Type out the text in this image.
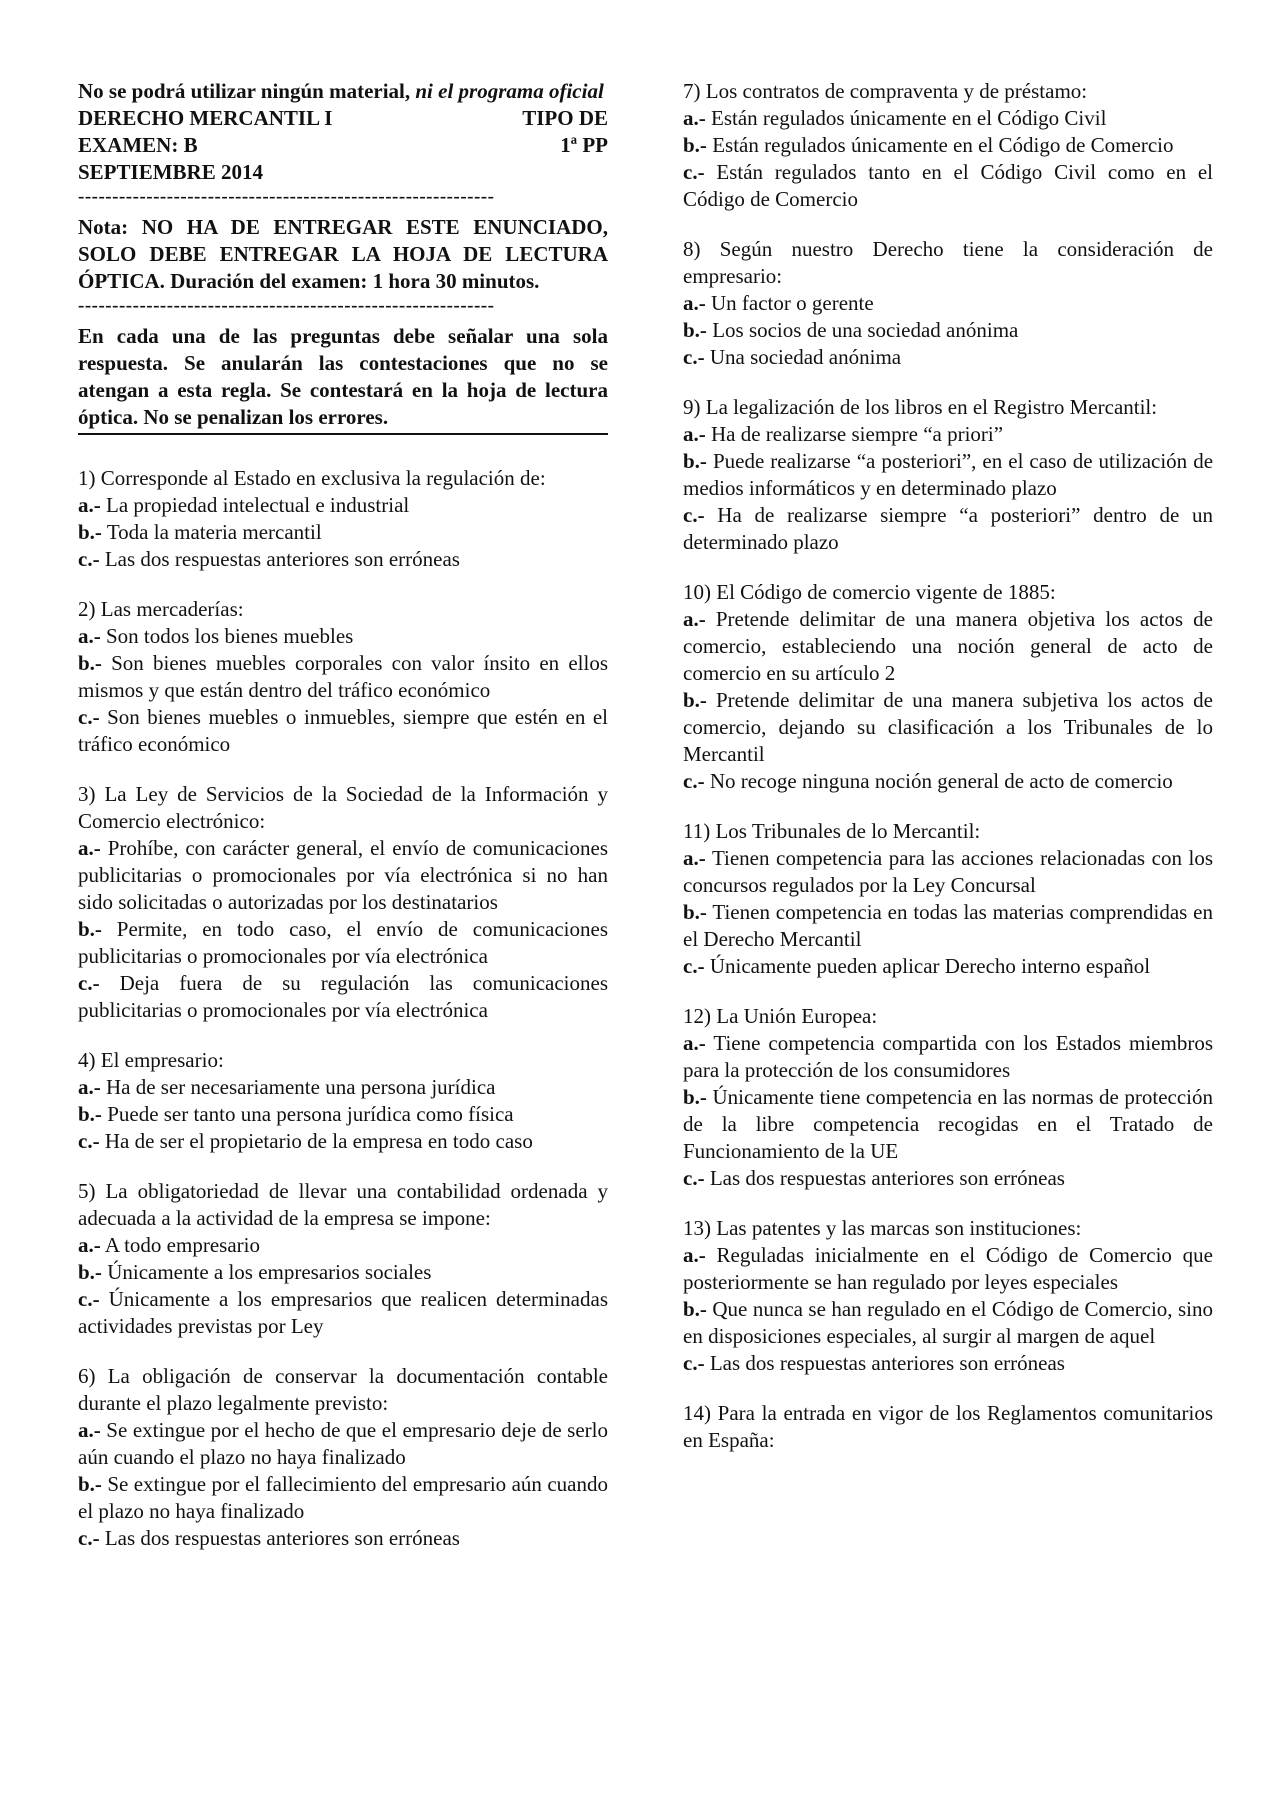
No se podrá utilizar ningún material, ni el programa oficial
DERECHO MERCANTIL I	TIPO DE
EXAMEN: B	1ª PP
SEPTIEMBRE 2014
-------------------------------------------------------------
Nota: NO HA DE ENTREGAR ESTE ENUNCIADO, SOLO DEBE ENTREGAR LA HOJA DE LECTURA ÓPTICA. Duración del examen: 1 hora 30 minutos.
-------------------------------------------------------------
En cada una de las preguntas debe señalar una sola respuesta. Se anularán las contestaciones que no se atengan a esta regla. Se contestará en la hoja de lectura óptica. No se penalizan los errores.

1) Corresponde al Estado en exclusiva la regulación de:

a.- La propiedad intelectual e industrial

b.- Toda la materia mercantil

c.- Las dos respuestas anteriores son erróneas

2) Las mercaderías:

a.- Son todos los bienes muebles

b.- Son bienes muebles corporales con valor ínsito en ellos mismos y que están dentro del tráfico económico

c.- Son bienes muebles o inmuebles, siempre que estén en el tráfico económico

3) La Ley de Servicios de la Sociedad de la Información y Comercio electrónico:

a.- Prohíbe, con carácter general, el envío de comunicaciones publicitarias o promocionales por vía electrónica si no han sido solicitadas o autorizadas por los destinatarios

b.- Permite, en todo caso, el envío de comunicaciones publicitarias o promocionales por vía electrónica

c.- Deja fuera de su regulación las comunicaciones publicitarias o promocionales por vía electrónica

4) El empresario:

a.- Ha de ser necesariamente una persona jurídica

b.- Puede ser tanto una persona jurídica como física

c.- Ha de ser el propietario de la empresa en todo caso

5) La obligatoriedad de llevar una contabilidad ordenada y adecuada a la actividad de la empresa se impone:

a.- A todo empresario

b.- Únicamente a los empresarios sociales

c.- Únicamente a los empresarios que realicen determinadas actividades previstas por Ley

6) La obligación de conservar la documentación contable durante el plazo legalmente previsto:

a.- Se extingue por el hecho de que el empresario deje de serlo aún cuando el plazo no haya finalizado

b.- Se extingue por el fallecimiento del empresario aún cuando el plazo no haya finalizado

c.- Las dos respuestas anteriores son erróneas

7) Los contratos de compraventa y de préstamo:

a.- Están regulados únicamente en el Código Civil

b.- Están regulados únicamente en el Código de Comercio

c.- Están regulados tanto en el Código Civil como en el Código de Comercio

8) Según nuestro Derecho tiene la consideración de empresario:

a.- Un factor o gerente

b.- Los socios de una sociedad anónima

c.- Una sociedad anónima

9) La legalización de los libros en el Registro Mercantil:

a.- Ha de realizarse siempre “a priori”

b.- Puede realizarse “a posteriori”, en el caso de utilización de medios informáticos y en determinado plazo

c.- Ha de realizarse siempre “a posteriori” dentro de un determinado plazo

10) El Código de comercio vigente de 1885:

a.- Pretende delimitar de una manera objetiva los actos de comercio, estableciendo una noción general de acto de comercio en su artículo 2

b.- Pretende delimitar de una manera subjetiva los actos de comercio, dejando su clasificación a los Tribunales de lo Mercantil

c.- No recoge ninguna noción general de acto de comercio

11) Los Tribunales de lo Mercantil:

a.- Tienen competencia para las acciones relacionadas con los concursos regulados por la Ley Concursal

b.- Tienen competencia en todas las materias comprendidas en el Derecho Mercantil

c.- Únicamente pueden aplicar Derecho interno español

12) La Unión Europea:

a.- Tiene competencia compartida con los Estados miembros para la protección de los consumidores

b.- Únicamente tiene competencia en las normas de protección de la libre competencia recogidas en el Tratado de Funcionamiento de la UE

c.- Las dos respuestas anteriores son erróneas

13) Las patentes y las marcas son instituciones:

a.- Reguladas inicialmente en el Código de Comercio que posteriormente se han regulado por leyes especiales

b.- Que nunca se han regulado en el Código de Comercio, sino en disposiciones especiales, al surgir al margen de aquel

c.- Las dos respuestas anteriores son erróneas

14) Para la entrada en vigor de los Reglamentos comunitarios en España:
